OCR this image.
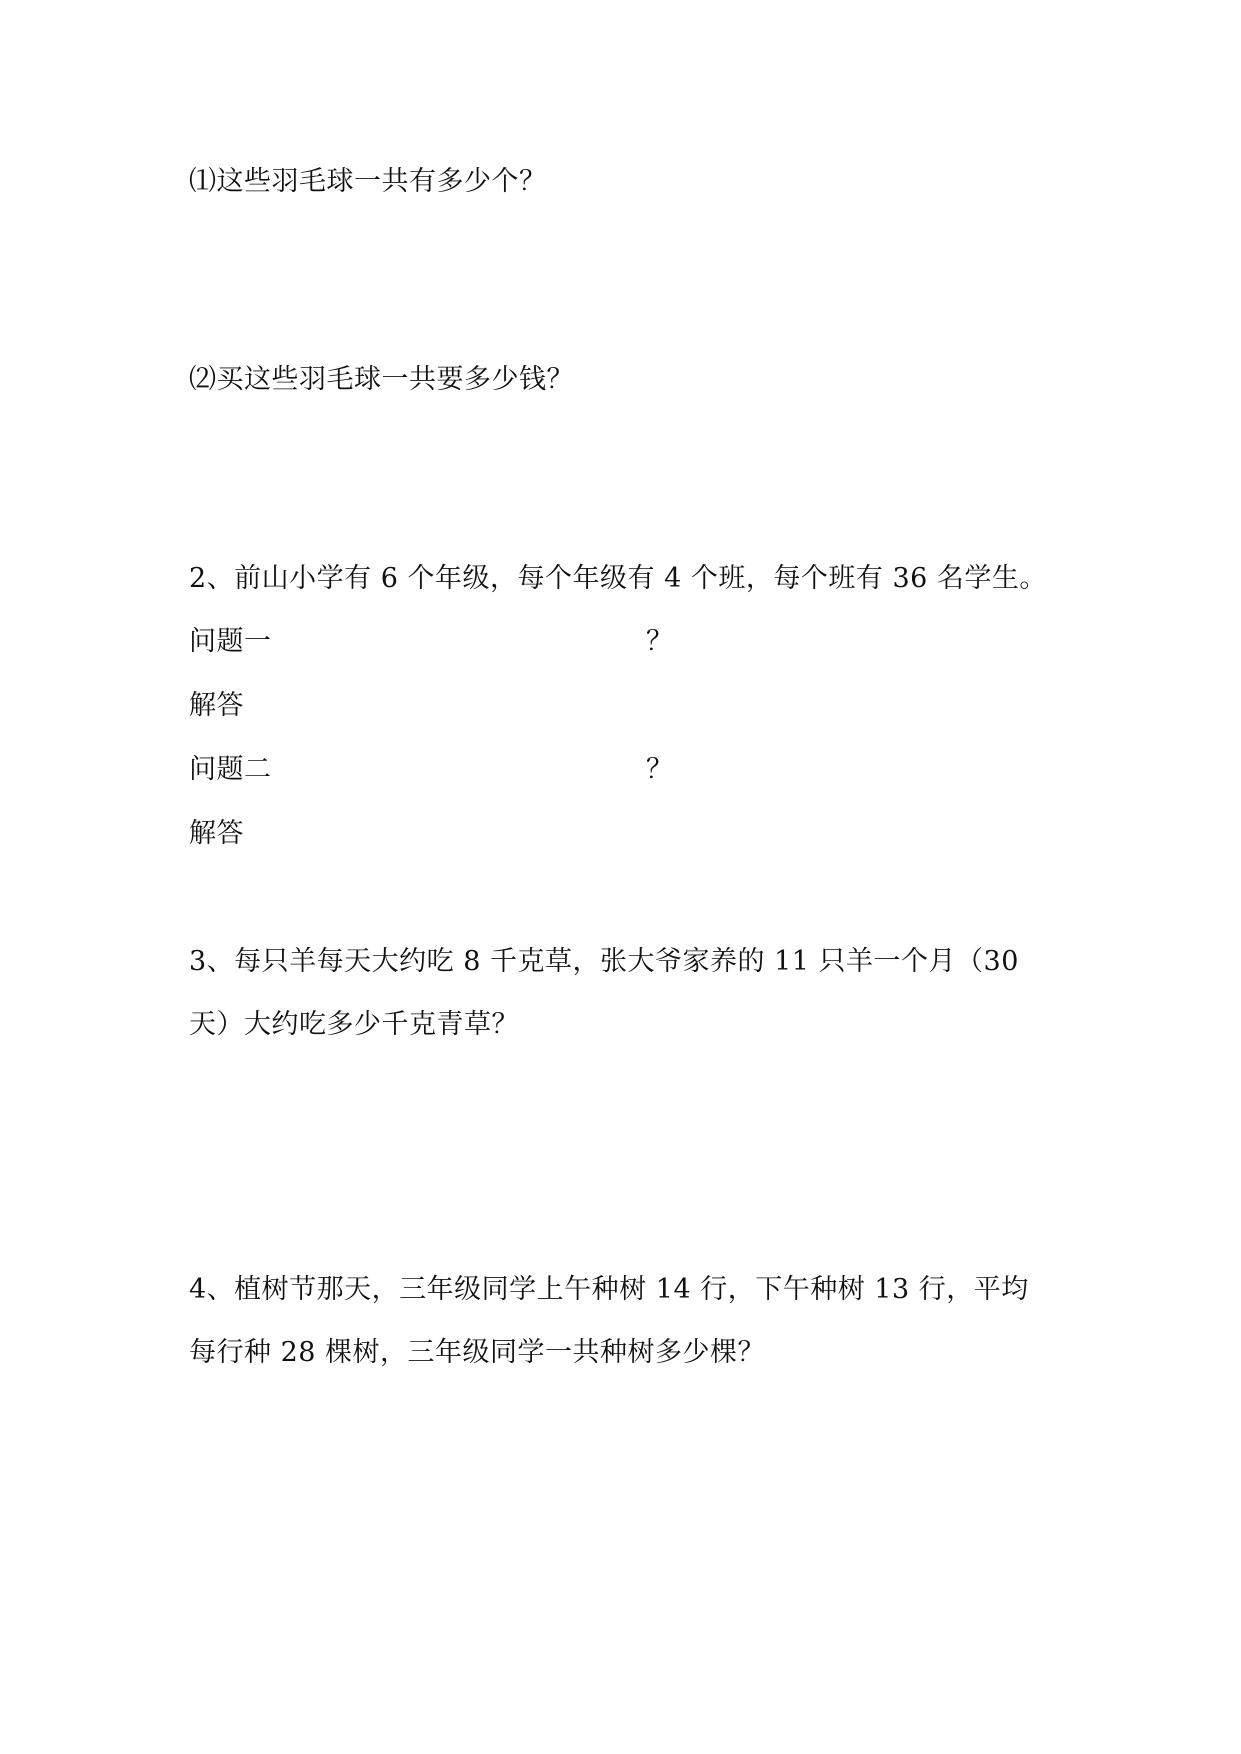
⑴这些羽毛球一共有多少个？
⑵买这些羽毛球一共要多少钱？
2、前山小学有 6 个年级，每个年级有 4 个班，每个班有 36 名学生。
问题一	？
解答
问题二	？
解答
3、每只羊每天大约吃 8 千克草，张大爷家养的 11 只羊一个月（30
天）大约吃多少千克青草？
4、植树节那天，三年级同学上午种树 14 行，下午种树 13 行，平均
每行种 28 棵树，三年级同学一共种树多少棵？
